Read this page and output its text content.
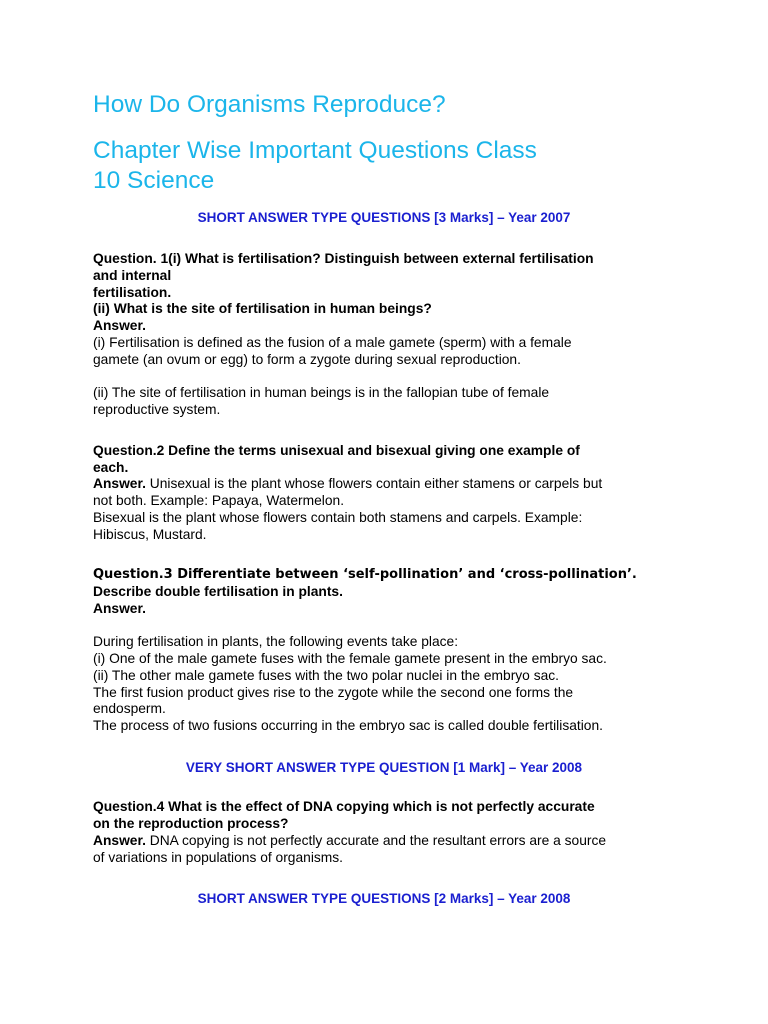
How Do Organisms Reproduce?
Chapter Wise Important Questions Class
10 Science
SHORT ANSWER TYPE QUESTIONS [3 Marks] – Year 2007
Question. 1(i) What is fertilisation? Distinguish between external fertilisation
and internal
fertilisation.
(ii) What is the site of fertilisation in human beings?
Answer.
(i) Fertilisation is defined as the fusion of a male gamete (sperm) with a female
gamete (an ovum or egg) to form a zygote during sexual reproduction.
(ii) The site of fertilisation in human beings is in the fallopian tube of female
reproductive system.
Question.2 Define the terms unisexual and bisexual giving one example of
each.
Answer. Unisexual is the plant whose flowers contain either stamens or carpels but
not both. Example: Papaya, Watermelon.
Bisexual is the plant whose flowers contain both stamens and carpels. Example:
Hibiscus, Mustard.
Question.3 Differentiate between ‘self-pollination’ and ‘cross-pollination’.
Describe double fertilisation in plants.
Answer.
During fertilisation in plants, the following events take place:
(i) One of the male gamete fuses with the female gamete present in the embryo sac.
(ii) The other male gamete fuses with the two polar nuclei in the embryo sac.
The first fusion product gives rise to the zygote while the second one forms the
endosperm.
The process of two fusions occurring in the embryo sac is called double fertilisation.
VERY SHORT ANSWER TYPE QUESTION [1 Mark] – Year 2008
Question.4 What is the effect of DNA copying which is not perfectly accurate
on the reproduction process?
Answer. DNA copying is not perfectly accurate and the resultant errors are a source
of variations in populations of organisms.
SHORT ANSWER TYPE QUESTIONS [2 Marks] – Year 2008
